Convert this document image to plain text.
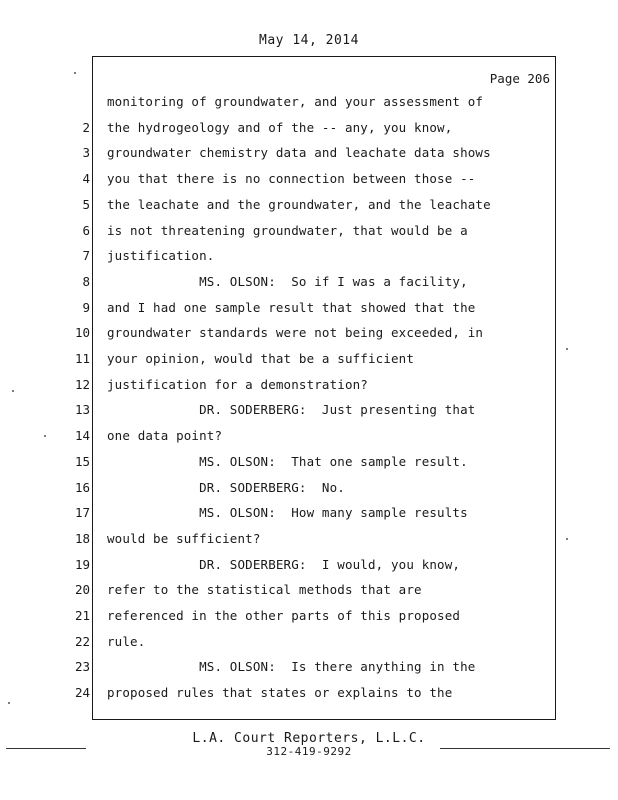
May 14, 2014
Page 206
monitoring of groundwater, and your assessment of
2 the hydrogeology and of the -- any, you know,
3 groundwater chemistry data and leachate data shows
4 you that there is no connection between those --
5 the leachate and the groundwater, and the leachate
6 is not threatening groundwater, that would be a
7 justification.
8 MS. OLSON:  So if I was a facility,
9 and I had one sample result that showed that the
10 groundwater standards were not being exceeded, in
11 your opinion, would that be a sufficient
12 justification for a demonstration?
13 DR. SODERBERG:  Just presenting that
14 one data point?
15 MS. OLSON:  That one sample result.
16 DR. SODERBERG:  No.
17 MS. OLSON:  How many sample results
18 would be sufficient?
19 DR. SODERBERG:  I would, you know,
20 refer to the statistical methods that are
21 referenced in the other parts of this proposed
22 rule.
23 MS. OLSON:  Is there anything in the
24 proposed rules that states or explains to the
L.A. Court Reporters, L.L.C.
312-419-9292
